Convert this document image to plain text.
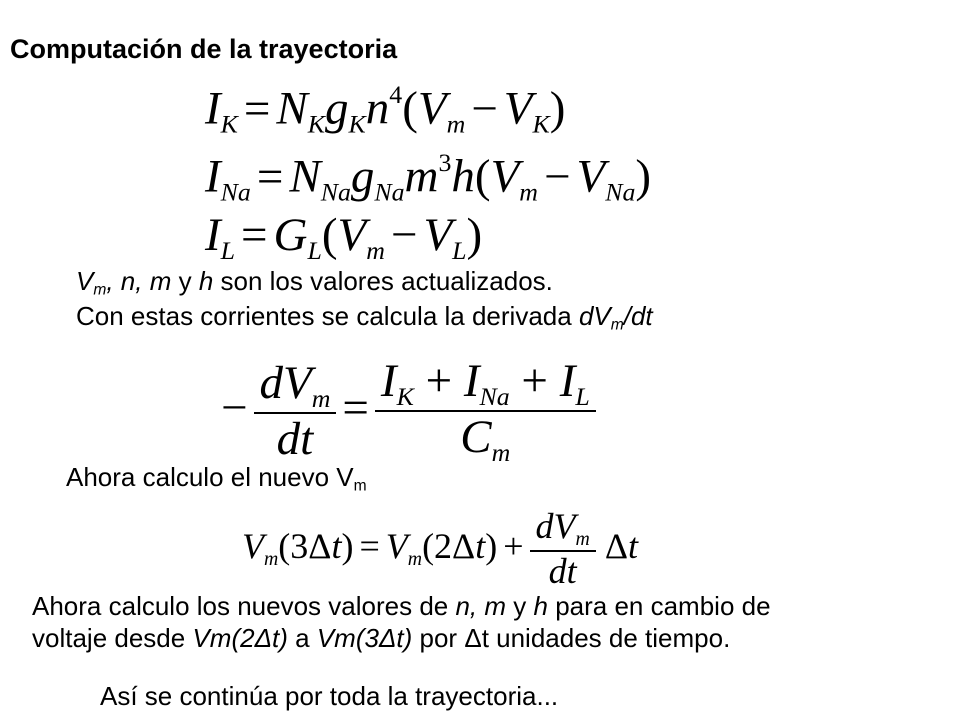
Computación de la trayectoria
$I_K = N_Kg_Kn^4(V_m - V_K)$
$I_{Na} = N_{Na}g_{Na}m^3h(V_m - V_{Na})$
$I_L = G_L(V_m - V_L)$
$V_m$, n, m y h son los valores actualizados.
Con estas corrientes se calcula la derivada $dV_m/dt$
− $\frac{dV_m}{dt} = \frac{I_K + I_{Na} + I_L}{C_m}$
Ahora calculo el nuevo $V_m$
$V_m(3\Delta t) = V_m(2\Delta t) + \frac{dV_m}{dt}$ Δt
Ahora calculo los nuevos valores de n, m y h para en cambio de
voltaje desde Vm(2Δt) a Vm(3Δt) por Δt unidades de tiempo.
Así se continúa por toda la trayectoria...
